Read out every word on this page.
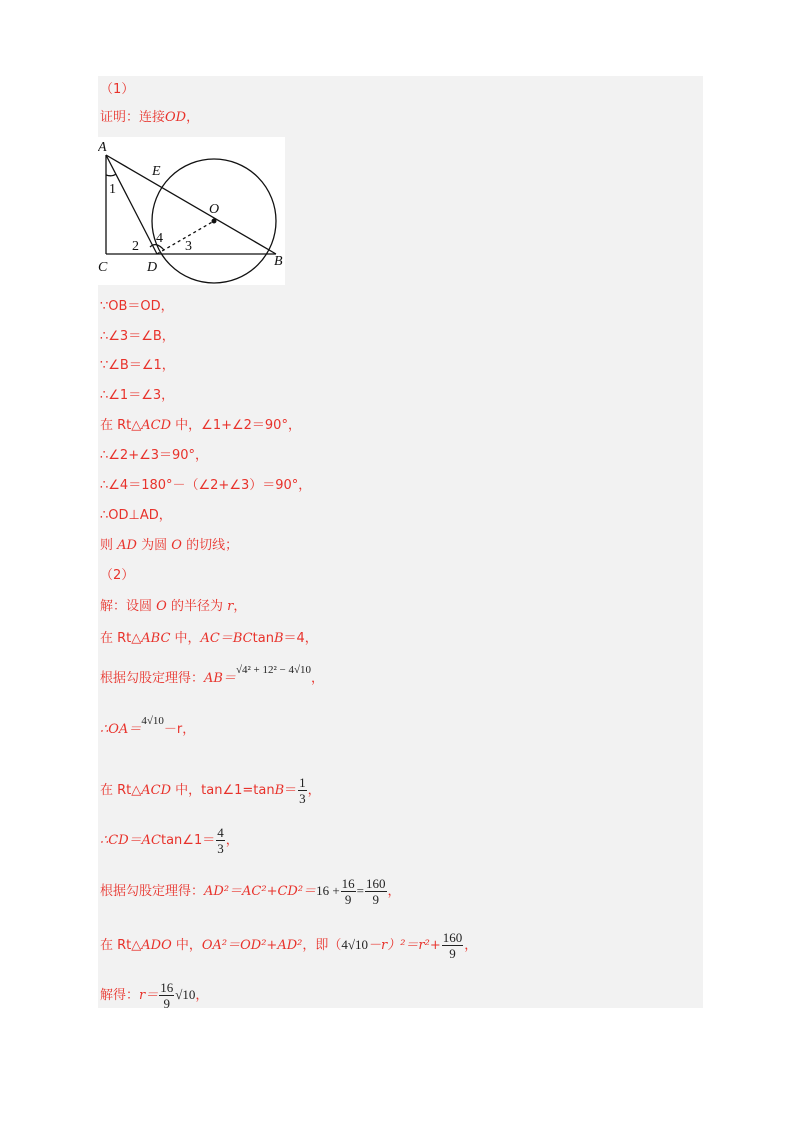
（1）
证明：连接OD，
A
E
O
B
C	D
1
2	3
4
∵OB＝OD，
∴∠3＝∠B，
∵∠B＝∠1，
∴∠1＝∠3，
在 Rt△ACD 中，∠1+∠2＝90°，
∴∠2+∠3＝90°，
∴∠4＝180°－（∠2+∠3）＝90°，
∴OD⊥AD，
则 AD 为圆 O 的切线；
（2）
解：设圆 O 的半径为 r，
在 Rt△ABC 中，AC＝BCtanB＝4，
根据勾股定理得：AB＝$^{√4^2 + 12^2 - 4√10}$，
∴OA＝$^{4√10}$－r，
在 Rt△ACD 中，tan∠1=tanB＝ $\frac{1}{3}$ ，
∴CD＝ACtan∠1＝ $\frac{4}{3}$ ，
根据勾股定理得：$AD^2=AC^2+CD^2=16 + \frac{16}{9} = \frac{160}{9}$ ，
在 Rt△ADO 中，OA²＝OD²+AD²，即$(4√10-r)^2=r^2+ \frac{160}{9}$ ，
解得：$r= \frac{16}{9} √10$，
